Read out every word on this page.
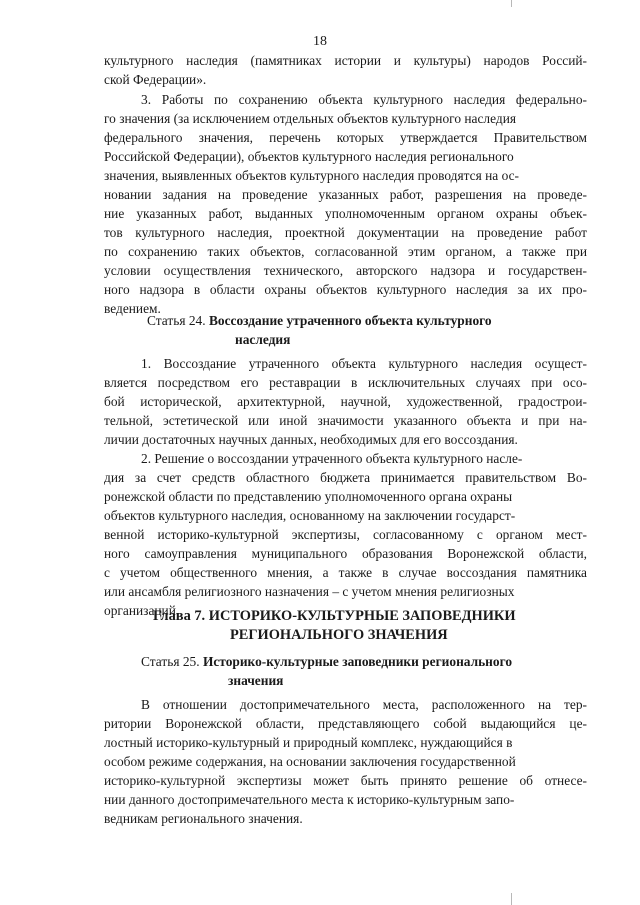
18
культурного наследия (памятниках истории и культуры) народов Россий-
ской Федерации».
3. Работы по сохранению объекта культурного наследия федерально-
го значения (за исключением отдельных объектов культурного наследия
федерального значения, перечень которых утверждается Правительством
Российской Федерации), объектов культурного наследия регионального
значения, выявленных объектов культурного наследия проводятся на ос-
новании задания на проведение указанных работ, разрешения на проведе-
ние указанных работ, выданных уполномоченным органом охраны объек-
тов культурного наследия, проектной документации на проведение работ
по сохранению таких объектов, согласованной этим органом, а также при
условии осуществления технического, авторского надзора и государствен-
ного надзора в области охраны объектов культурного наследия за их про-
ведением.
Статья 24. Воссоздание утраченного объекта культурного
наследия
1. Воссоздание утраченного объекта культурного наследия осущест-
вляется посредством его реставрации в исключительных случаях при осо-
бой исторической, архитектурной, научной, художественной, градострои-
тельной, эстетической или иной значимости указанного объекта и при на-
личии достаточных научных данных, необходимых для его воссоздания.
2. Решение о воссоздании утраченного объекта культурного насле-
дия за счет средств областного бюджета принимается правительством Во-
ронежской области по представлению уполномоченного органа охраны
объектов культурного наследия, основанному на заключении государст-
венной историко-культурной экспертизы, согласованному с органом мест-
ного самоуправления муниципального образования Воронежской области,
с учетом общественного мнения, а также в случае воссоздания памятника
или ансамбля религиозного назначения – с учетом мнения религиозных
организаций.
Глава 7. ИСТОРИКО-КУЛЬТУРНЫЕ ЗАПОВЕДНИКИ
РЕГИОНАЛЬНОГО ЗНАЧЕНИЯ
Статья 25. Историко-культурные заповедники регионального
значения
В отношении достопримечательного места, расположенного на тер-
ритории Воронежской области, представляющего собой выдающийся це-
лостный историко-культурный и природный комплекс, нуждающийся в
особом режиме содержания, на основании заключения государственной
историко-культурной экспертизы может быть принято решение об отнесе-
нии данного достопримечательного места к историко-культурным запо-
ведникам регионального значения.
